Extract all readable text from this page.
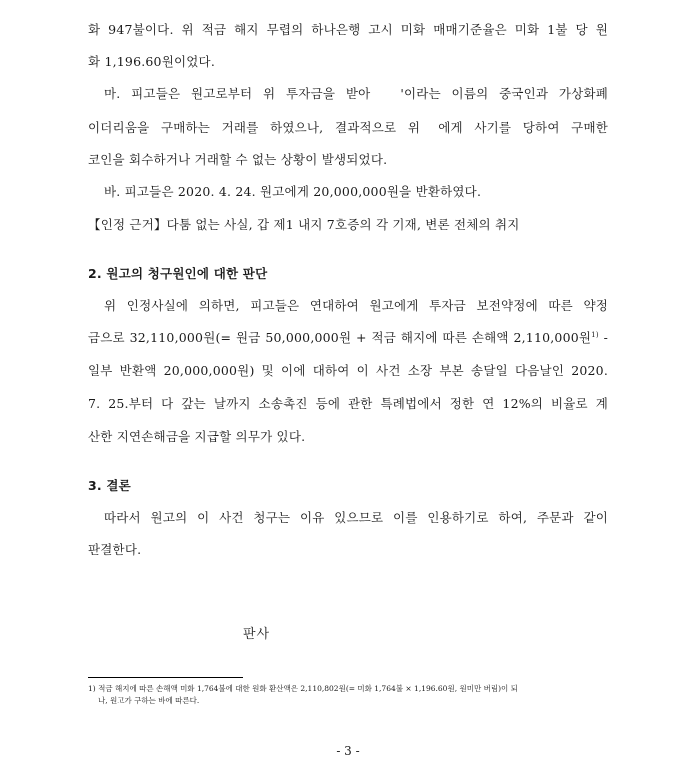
화 947불이다. 위 적금 해지 무렵의 하나은행 고시 미화 매매기준율은 미화 1불 당 원
화 1,196.60원이었다.
마. 피고들은 원고로부터 위 투자금을 받아 '이라는 이름의 중국인과 가상화폐
이더리움을 구매하는 거래를 하였으나, 결과적으로 위 에게 사기를 당하여 구매한
코인을 회수하거나 거래할 수 없는 상황이 발생되었다.
바. 피고들은 2020. 4. 24. 원고에게 20,000,000원을 반환하였다.
【인정 근거】다툼 없는 사실, 갑 제1 내지 7호증의 각 기재, 변론 전체의 취지
2. 원고의 청구원인에 대한 판단
위 인정사실에 의하면, 피고들은 연대하여 원고에게 투자금 보전약정에 따른 약정
금으로 32,110,000원(= 원금 50,000,000원 + 적금 해지에 따른 손해액 2,110,000원$^{1)}$ -
일부 반환액 20,000,000원) 및 이에 대하여 이 사건 소장 부본 송달일 다음날인 2020.
7. 25.부터 다 갚는 날까지 소송촉진 등에 관한 특례법에서 정한 연 12%의 비율로 계
산한 지연손해금을 지급할 의무가 있다.
3. 결론
따라서 원고의 이 사건 청구는 이유 있으므로 이를 인용하기로 하여, 주문과 같이
판결한다.
판사
1) 적금 해지에 따른 손해액 미화 1,764불에 대한 원화 환산액은 2,110,802원(= 미화 1,764불 × 1,196.60원, 원미만 버림)이 되
나, 원고가 구하는 바에 따른다.
- 3 -
